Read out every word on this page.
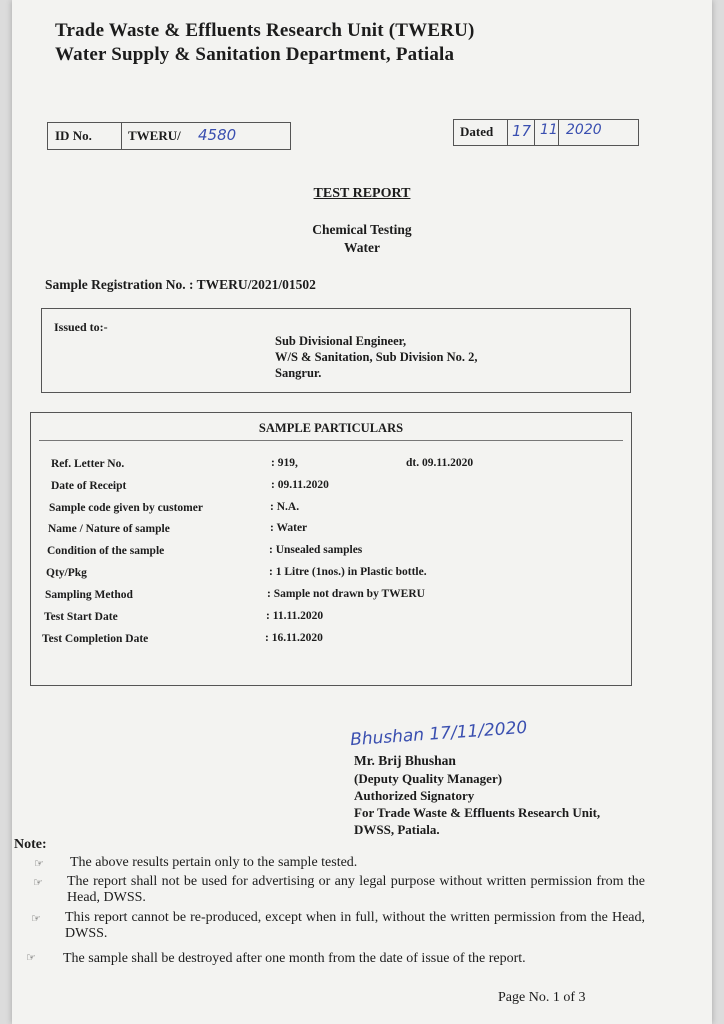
Trade Waste & Effluents Research Unit (TWERU)
Water Supply & Sanitation Department, Patiala
ID No.	TWERU/ 4580	Dated 17 11 2020
TEST REPORT
Chemical Testing
Water
Sample Registration No. : TWERU/2021/01502
Issued to:-
Sub Divisional Engineer,
W/S & Sanitation, Sub Division No. 2,
Sangrur.
SAMPLE PARTICULARS
Ref. Letter No.	: 919,	dt. 09.11.2020
Date of Receipt	: 09.11.2020
Sample code given by customer	: N.A.
Name / Nature of sample	: Water
Condition of the sample	: Unsealed samples
Qty/Pkg	: 1 Litre (1nos.) in Plastic bottle.
Sampling Method	: Sample not drawn by TWERU
Test Start Date	: 11.11.2020
Test Completion Date	: 16.11.2020
Bhushan 17/11/2020
Mr. Brij Bhushan
(Deputy Quality Manager)
Authorized Signatory
For Trade Waste & Effluents Research Unit,
DWSS, Patiala.
Note:
☞ The above results pertain only to the sample tested.
☞ The report shall not be used for advertising or any legal purpose without written permission from the Head, DWSS.
☞ This report cannot be re-produced, except when in full, without the written permission from the Head, DWSS.
☞ The sample shall be destroyed after one month from the date of issue of the report.
Page No. 1 of 3
